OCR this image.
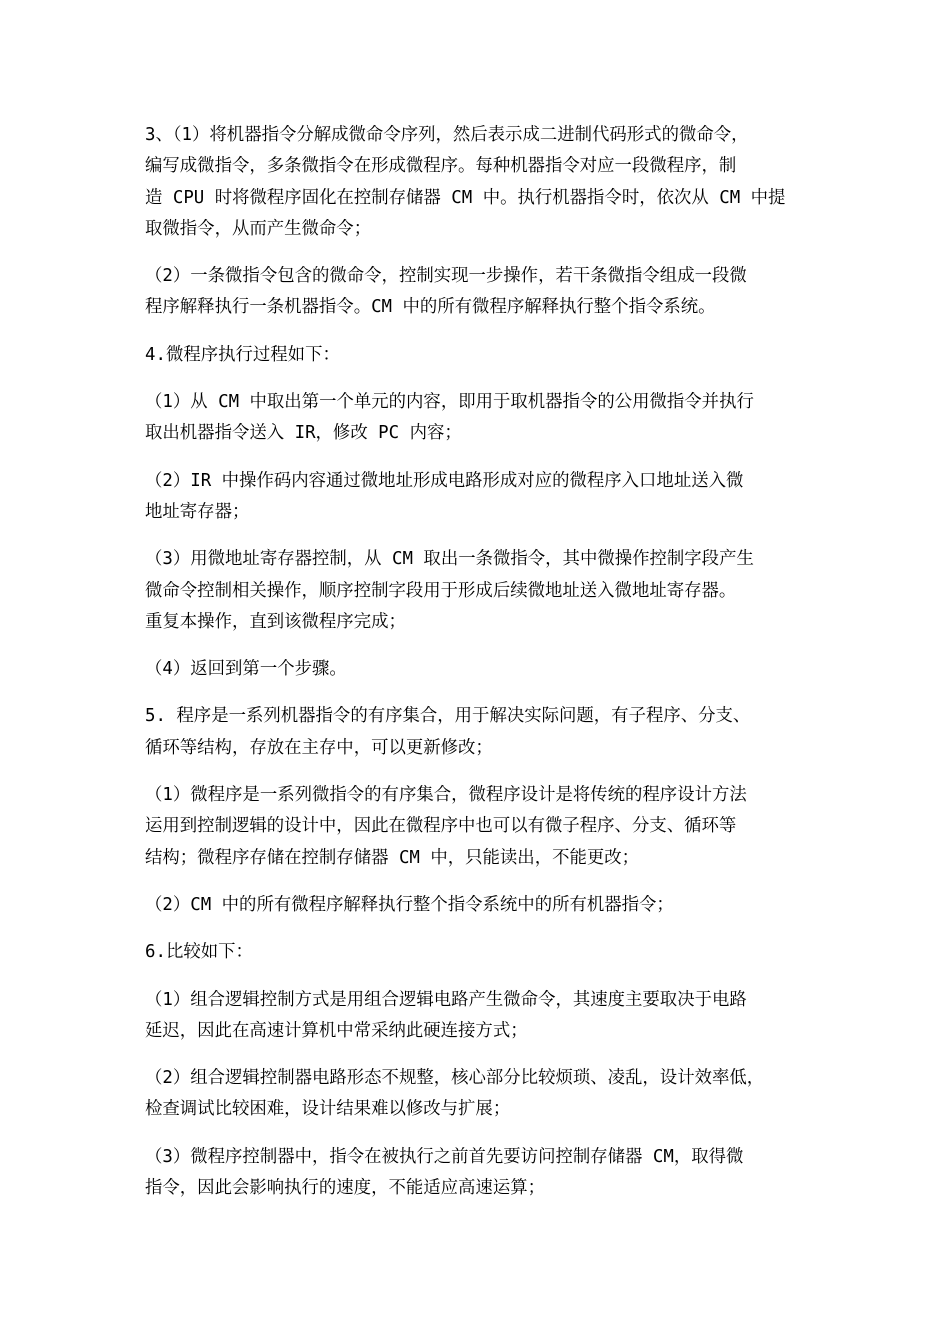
3、（1）将机器指令分解成微命令序列，然后表示成二进制代码形式的微命令，
编写成微指令，多条微指令在形成微程序。每种机器指令对应一段微程序，制
造 CPU 时将微程序固化在控制存储器 CM 中。执行机器指令时，依次从 CM 中提
取微指令，从而产生微命令；
（2）一条微指令包含的微命令，控制实现一步操作，若干条微指令组成一段微
程序解释执行一条机器指令。CM 中的所有微程序解释执行整个指令系统。
4.微程序执行过程如下：
（1）从 CM 中取出第一个单元的内容，即用于取机器指令的公用微指令并执行
取出机器指令送入 IR，修改 PC 内容；
（2）IR 中操作码内容通过微地址形成电路形成对应的微程序入口地址送入微
地址寄存器；
（3）用微地址寄存器控制，从 CM 取出一条微指令，其中微操作控制字段产生
微命令控制相关操作，顺序控制字段用于形成后续微地址送入微地址寄存器。
重复本操作，直到该微程序完成；
（4）返回到第一个步骤。
5. 程序是一系列机器指令的有序集合，用于解决实际问题，有子程序、分支、
循环等结构，存放在主存中，可以更新修改；
（1）微程序是一系列微指令的有序集合，微程序设计是将传统的程序设计方法
运用到控制逻辑的设计中，因此在微程序中也可以有微子程序、分支、循环等
结构；微程序存储在控制存储器 CM 中，只能读出，不能更改；
（2）CM 中的所有微程序解释执行整个指令系统中的所有机器指令；
6.比较如下：
（1）组合逻辑控制方式是用组合逻辑电路产生微命令，其速度主要取决于电路
延迟，因此在高速计算机中常采纳此硬连接方式；
（2）组合逻辑控制器电路形态不规整，核心部分比较烦琐、凌乱，设计效率低，
检查调试比较困难，设计结果难以修改与扩展；
（3）微程序控制器中，指令在被执行之前首先要访问控制存储器 CM，取得微
指令，因此会影响执行的速度，不能适应高速运算；
